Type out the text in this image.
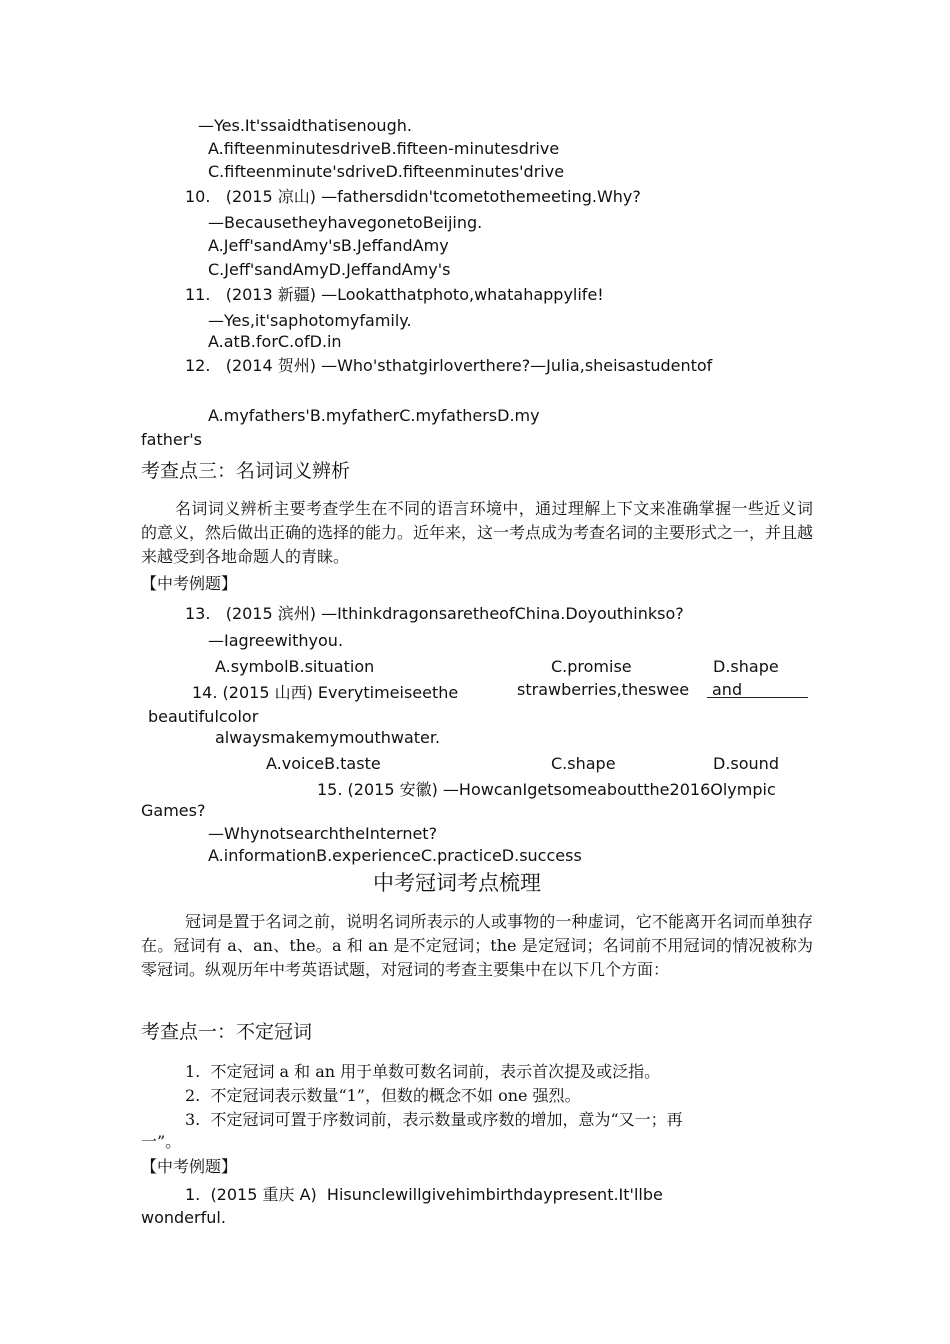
—Yes.It'ssaidthatisenough.
A.fifteenminutesdriveB.fifteen-minutesdrive
C.fifteenminute'sdriveD.fifteenminutes'drive
10.   (2015 凉山) —fathersdidn'tcometothemeeting.Why?
—BecausetheyhavegonetoBeijing.
A.Jeff'sandAmy'sB.JeffandAmy
C.Jeff'sandAmyD.JeffandAmy's
11.   (2013 新疆) —Lookatthatphoto,whatahappylife!
—Yes,it'saphotomyfamily.
A.atB.forC.ofD.in
12.   (2014 贺州) —Who'sthatgirloverthere?—Julia,sheisastudentof
A.myfathers'B.myfatherC.myfathersD.my
father's
考查点三：名词词义辨析
名词词义辨析主要考查学生在不同的语言环境中，通过理解上下文来准确掌握一些近义词的意义，然后做出正确的选择的能力。近年来，这一考点成为考查名词的主要形式之一，并且越来越受到各地命题人的青睐。
【中考例题】
13.   (2015 滨州) —IthinkdragonsaretheofChina.Doyouthinkso?
—Iagreewithyou.
A.symbolB.situation	C.promise	D.shape
14. (2015 山西) Everytimeiseethe	strawberries,theswee and
beautifulcolor
alwaysmakemymouthwater.
A.voiceB.taste	C.shape	D.sound
15. (2015 安徽) —HowcanIgetsomeaboutthe2016Olympic
Games?
—WhynotsearchtheInternet?
A.informationB.experienceC.practiceD.success
中考冠词考点梳理
冠词是置于名词之前，说明名词所表示的人或事物的一种虚词，它不能离开名词而单独存在。冠词有 a、an、the。a 和 an 是不定冠词；the 是定冠词；名词前不用冠词的情况被称为零冠词。纵观历年中考英语试题，对冠词的考查主要集中在以下几个方面：
考查点一：不定冠词
1.  不定冠词 a 和 an 用于单数可数名词前，表示首次提及或泛指。
2.  不定冠词表示数量“1”，但数的概念不如 one 强烈。
3.  不定冠词可置于序数词前，表示数量或序数的增加，意为“又一；再
一”。
【中考例题】
1.  (2015 重庆 A)  Hisunclewillgivehimbirthdaypresent.It'llbe
wonderful.
